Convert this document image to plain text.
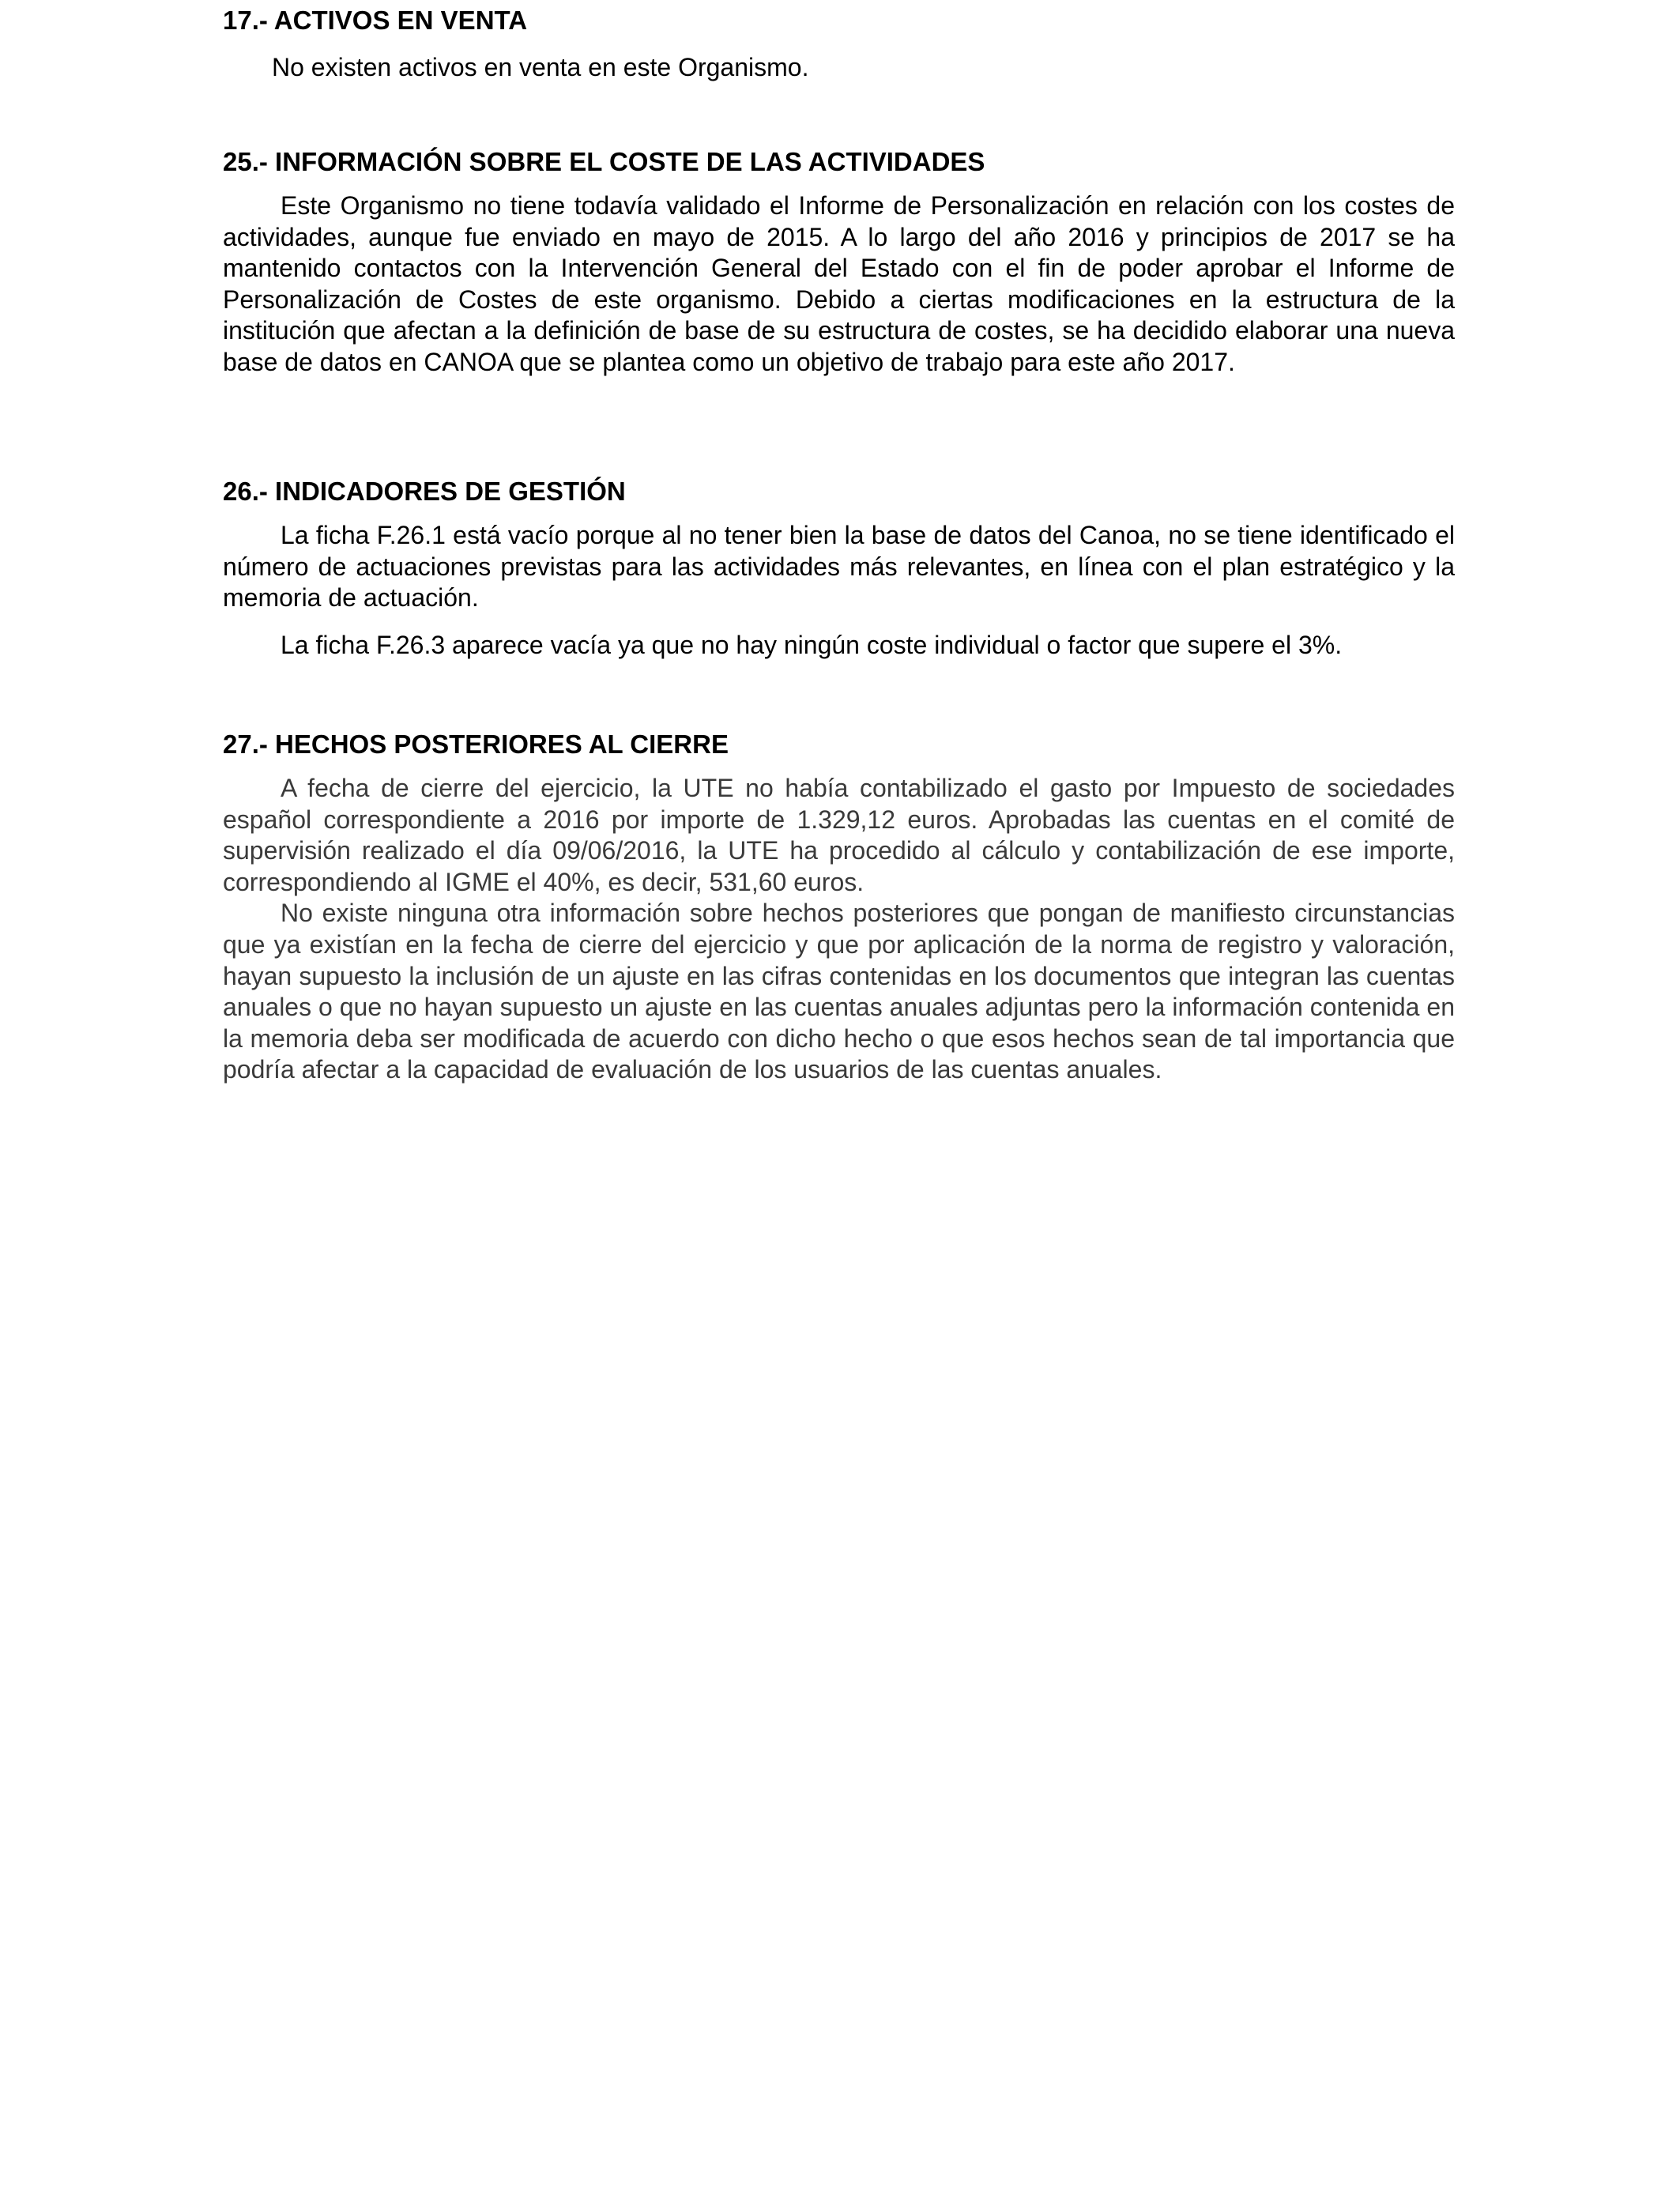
17.- ACTIVOS EN VENTA

No existen activos en venta en este Organismo.

25.- INFORMACIÓN SOBRE EL COSTE DE LAS ACTIVIDADES

Este Organismo no tiene todavía validado el Informe de Personalización en relación con los costes de actividades, aunque fue enviado en mayo de 2015. A lo largo del año 2016 y principios de 2017 se ha mantenido contactos con la Intervención General del Estado con el fin de poder aprobar el Informe de Personalización de Costes de este organismo. Debido a ciertas modificaciones en la estructura de la institución que afectan a la definición de base de su estructura de costes, se ha decidido elaborar una nueva base de datos en CANOA que se plantea como un objetivo de trabajo para este año 2017.

26.- INDICADORES DE GESTIÓN

La ficha F.26.1 está vacío porque al no tener bien la base de datos del Canoa, no se tiene identificado el número de actuaciones previstas para las actividades más relevantes, en línea con el plan estratégico y la memoria de actuación.

La ficha F.26.3 aparece vacía ya que no hay ningún coste individual o factor que supere el 3%.

27.- HECHOS POSTERIORES AL CIERRE

A fecha de cierre del ejercicio, la UTE no había contabilizado el gasto por Impuesto de sociedades español correspondiente a 2016 por importe de 1.329,12 euros. Aprobadas las cuentas en el comité de supervisión realizado el día 09/06/2016, la UTE ha procedido al cálculo y contabilización de ese importe, correspondiendo al IGME el 40%, es decir, 531,60 euros.

No existe ninguna otra información sobre hechos posteriores que pongan de manifiesto circunstancias que ya existían en la fecha de cierre del ejercicio y que por aplicación de la norma de registro y valoración, hayan supuesto la inclusión de un ajuste en las cifras contenidas en los documentos que integran las cuentas anuales o que no hayan supuesto un ajuste en las cuentas anuales adjuntas pero la información contenida en la memoria deba ser modificada de acuerdo con dicho hecho o que esos hechos sean de tal importancia que podría afectar a la capacidad de evaluación de los usuarios de las cuentas anuales.
